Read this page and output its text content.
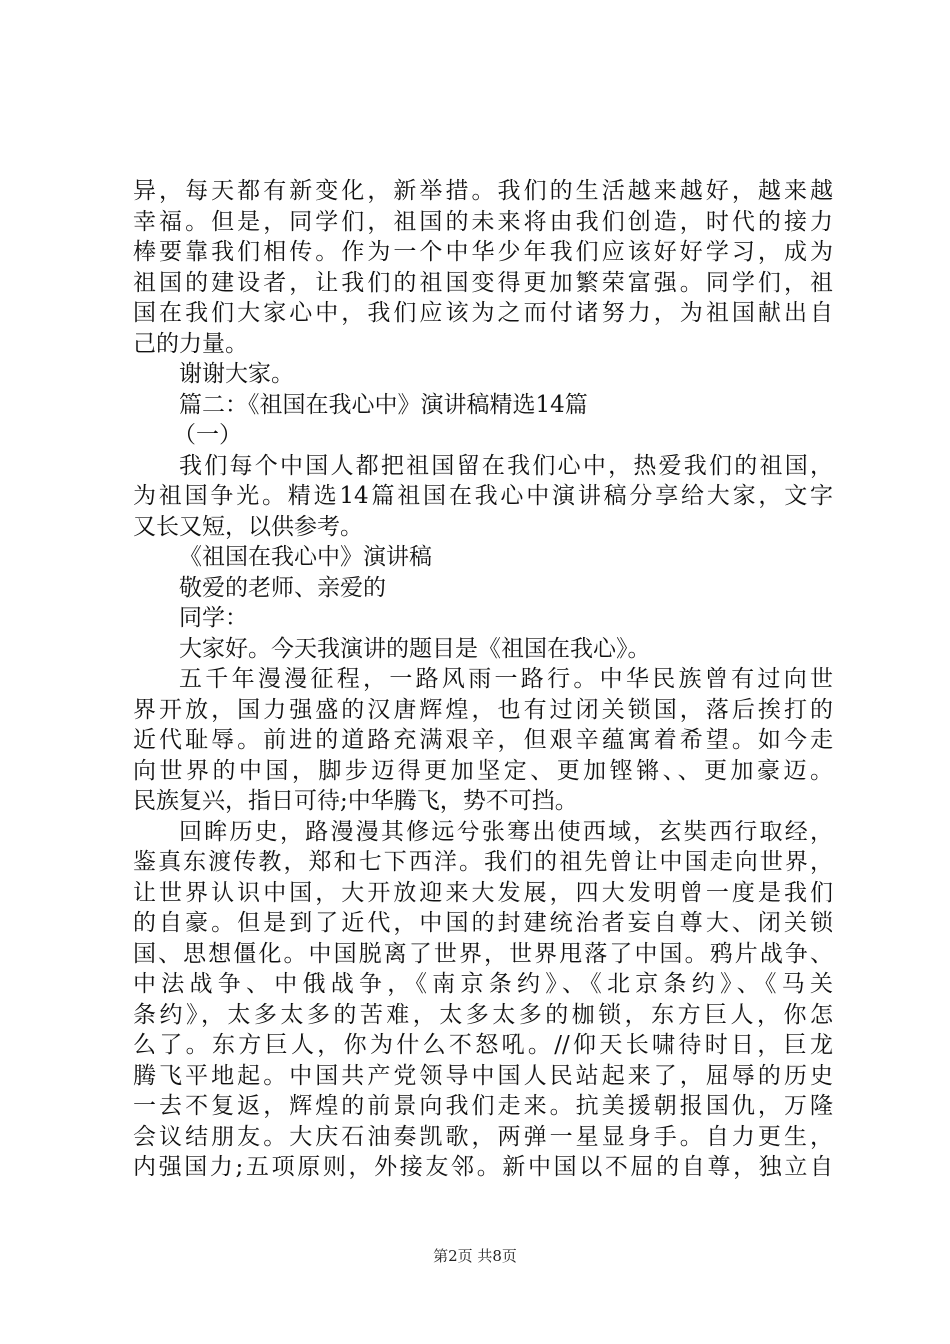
异，每天都有新变化，新举措。我们的生活越来越好，越来越
幸福。但是，同学们，祖国的未来将由我们创造，时代的接力
棒要靠我们相传。作为一个中华少年我们应该好好学习，成为
祖国的建设者，让我们的祖国变得更加繁荣富强。同学们，祖
国在我们大家心中，我们应该为之而付诸努力，为祖国献出自
己的力量。
谢谢大家。
篇二：《祖国在我心中》演讲稿精选14篇
（一）
我们每个中国人都把祖国留在我们心中，热爱我们的祖国，
为祖国争光。精选14篇祖国在我心中演讲稿分享给大家，文字
又长又短，以供参考。
《祖国在我心中》演讲稿
敬爱的老师、亲爱的
同学：
大家好。今天我演讲的题目是《祖国在我心》。
五千年漫漫征程，一路风雨一路行。中华民族曾有过向世
界开放，国力强盛的汉唐辉煌，也有过闭关锁国，落后挨打的
近代耻辱。前进的道路充满艰辛，但艰辛蕴寓着希望。如今走
向世界的中国，脚步迈得更加坚定、更加铿锵、、更加豪迈。
民族复兴，指日可待;中华腾飞，势不可挡。
回眸历史，路漫漫其修远兮张骞出使西域，玄奘西行取经，
鉴真东渡传教，郑和七下西洋。我们的祖先曾让中国走向世界，
让世界认识中国，大开放迎来大发展，四大发明曾一度是我们
的自豪。但是到了近代，中国的封建统治者妄自尊大、闭关锁
国、思想僵化。中国脱离了世界，世界甩落了中国。鸦片战争、
中法战争、中俄战争，《南京条约》、《北京条约》、《马关
条约》，太多太多的苦难，太多太多的枷锁，东方巨人，你怎
么了。东方巨人，你为什么不怒吼。//仰天长啸待时日，巨龙
腾飞平地起。中国共产党领导中国人民站起来了，屈辱的历史
一去不复返，辉煌的前景向我们走来。抗美援朝报国仇，万隆
会议结朋友。大庆石油奏凯歌，两弹一星显身手。自力更生，
内强国力;五项原则，外接友邻。新中国以不屈的自尊，独立自
第2页 共8页
